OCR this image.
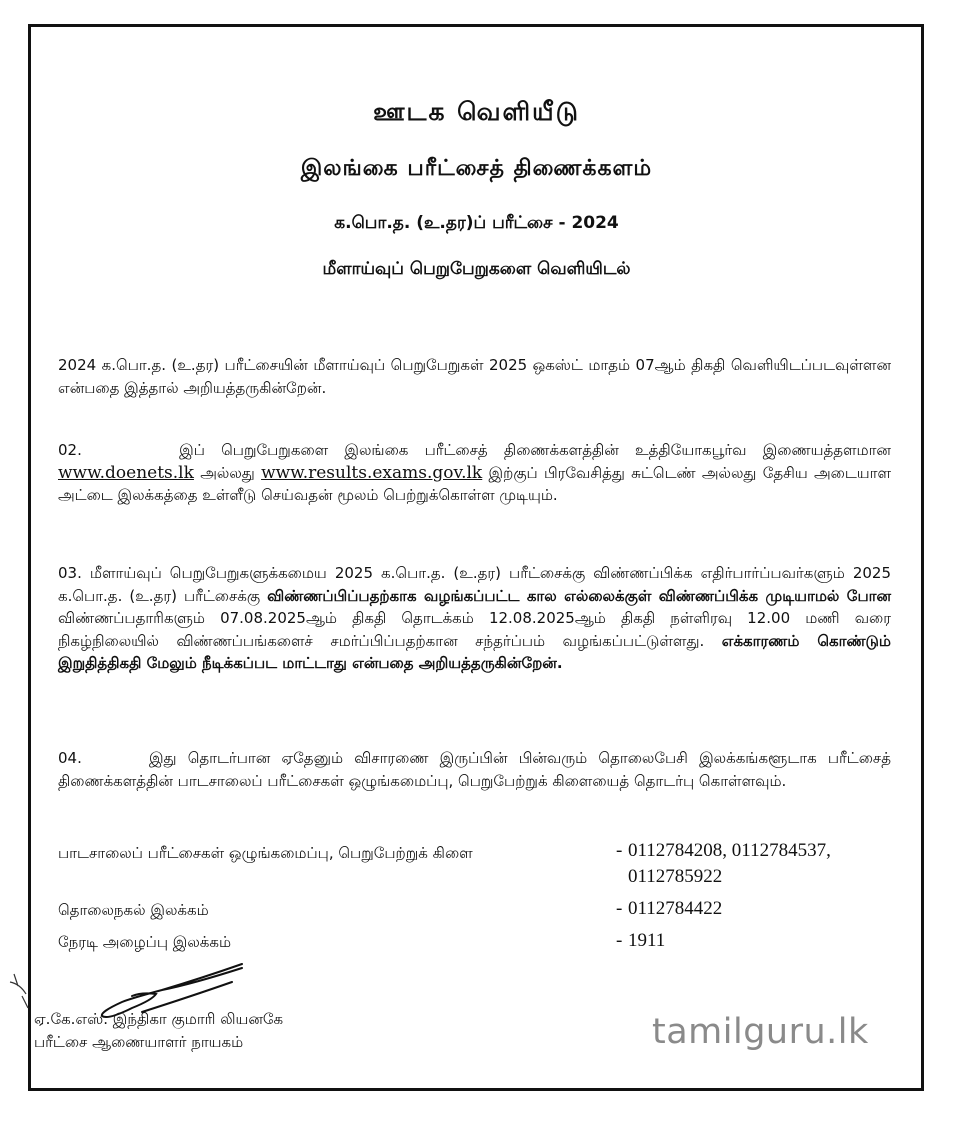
ஊடக வெளியீடு
இலங்கை பரீட்சைத் திணைக்களம்
க.பொ.த. (உ.தர)ப் பரீட்சை - 2024
மீளாய்வுப் பெறுபேறுகளை வெளியிடல்
2024 க.பொ.த. (உ.தர) பரீட்சையின் மீளாய்வுப் பெறுபேறுகள் 2025 ஒகஸ்ட் மாதம் 07ஆம் திகதி வெளியிடப்படவுள்ளன என்பதை இத்தால் அறியத்தருகின்றேன்.
02.	இப் பெறுபேறுகளை இலங்கை பரீட்சைத் திணைக்களத்தின் உத்தியோகபூர்வ இணையத்தளமான www.doenets.lk அல்லது www.results.exams.gov.lk இற்குப் பிரவேசித்து சுட்டெண் அல்லது தேசிய அடையாள அட்டை இலக்கத்தை உள்ளீடு செய்வதன் மூலம் பெற்றுக்கொள்ள முடியும்.
03. மீளாய்வுப் பெறுபேறுகளுக்கமைய 2025 க.பொ.த. (உ.தர) பரீட்சைக்கு விண்ணப்பிக்க எதிர்பார்ப்பவர்களும் 2025 க.பொ.த. (உ.தர) பரீட்சைக்கு விண்ணப்பிப்பதற்காக வழங்கப்பட்ட கால எல்லைக்குள் விண்ணப்பிக்க முடியாமல் போன விண்ணப்பதாரிகளும் 07.08.2025ஆம் திகதி தொடக்கம் 12.08.2025ஆம் திகதி நள்ளிரவு 12.00 மணி வரை நிகழ்நிலையில் விண்ணப்பங்களைச் சமர்ப்பிப்பதற்கான சந்தர்ப்பம் வழங்கப்பட்டுள்ளது. எக்காரணம் கொண்டும் இறுதித்திகதி மேலும் நீடிக்கப்பட மாட்டாது என்பதை அறியத்தருகின்றேன்.
04.	இது தொடர்பான ஏதேனும் விசாரணை இருப்பின் பின்வரும் தொலைபேசி இலக்கங்களூடாக பரீட்சைத் திணைக்களத்தின் பாடசாலைப் பரீட்சைகள் ஒழுங்கமைப்பு, பெறுபேற்றுக் கிளையைத் தொடர்பு கொள்ளவும்.
பாடசாலைப் பரீட்சைகள் ஒழுங்கமைப்பு, பெறுபேற்றுக் கிளை	- 0112784208, 0112784537, 0112785922
தொலைநகல் இலக்கம்	- 0112784422
நேரடி அழைப்பு இலக்கம்	- 1911
ஏ.கே.எஸ். இந்திகா குமாரி லியனகே
பரீட்சை ஆணையாளர் நாயகம்	tamilguru.lk
